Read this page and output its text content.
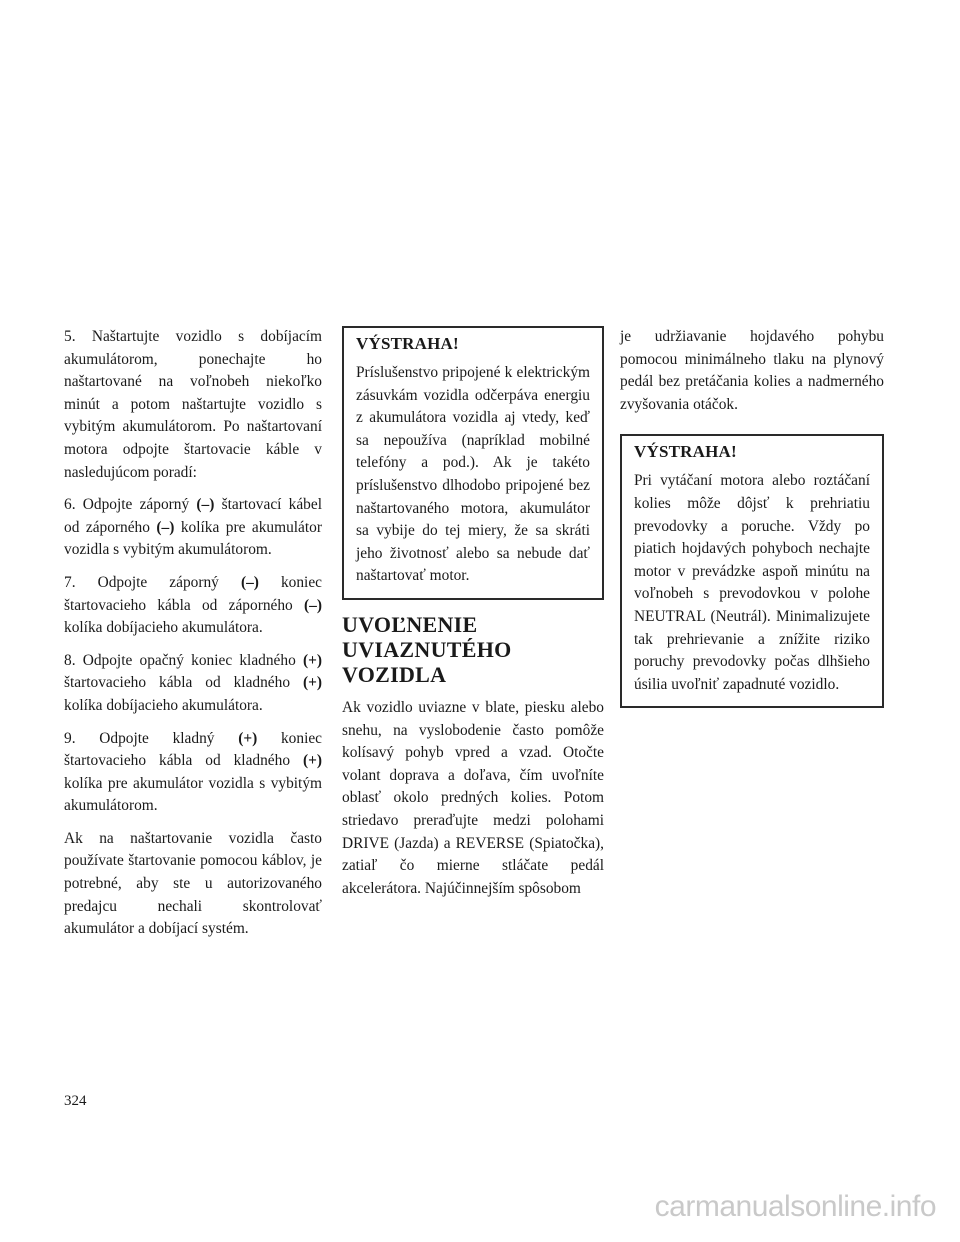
5. Naštartujte vozidlo s dobíjacím akumulátorom, ponechajte ho naštartované na voľnobeh niekoľko minút a potom naštartujte vozidlo s vybitým akumulátorom. Po naštartovaní motora odpojte štartovacie káble v nasledujúcom poradí:

6. Odpojte záporný (–) štartovací kábel od záporného (–) kolíka pre akumulátor vozidla s vybitým akumulátorom.

7. Odpojte záporný (–) koniec štartovacieho kábla od záporného (–) kolíka dobíjacieho akumulátora.

8. Odpojte opačný koniec kladného (+) štartovacieho kábla od kladného (+) kolíka dobíjacieho akumulátora.

9. Odpojte kladný (+) koniec štartovacieho kábla od kladného (+) kolíka pre akumulátor vozidla s vybitým akumulátorom.

Ak na naštartovanie vozidla často používate štartovanie pomocou káblov, je potrebné, aby ste u autorizovaného predajcu nechali skontrolovať akumulátor a dobíjací systém.

VÝSTRAHA!

Príslušenstvo pripojené k elektrickým zásuvkám vozidla odčerpáva energiu z akumulátora vozidla aj vtedy, keď sa nepoužíva (napríklad mobilné telefóny a pod.). Ak je takéto príslušenstvo dlhodobo pripojené bez naštartovaného motora, akumulátor sa vybije do tej miery, že sa skráti jeho životnosť alebo sa nebude dať naštartovať motor.

UVOĽNENIE UVIAZNUTÉHO VOZIDLA

Ak vozidlo uviazne v blate, piesku alebo snehu, na vyslobodenie často pomôže kolísavý pohyb vpred a vzad. Otočte volant doprava a doľava, čím uvoľníte oblasť okolo predných kolies. Potom striedavo preraďujte medzi polohami DRIVE (Jazda) a REVERSE (Spiatočka), zatiaľ čo mierne stláčate pedál akcelerátora. Najúčinnejším spôsobom

je udržiavanie hojdavého pohybu pomocou minimálneho tlaku na plynový pedál bez pretáčania kolies a nadmerného zvyšovania otáčok.

VÝSTRAHA!

Pri vytáčaní motora alebo roztáčaní kolies môže dôjsť k prehriatiu prevodovky a poruche. Vždy po piatich hojdavých pohyboch nechajte motor v prevádzke aspoň minútu na voľnobeh s prevodovkou v polohe NEUTRAL (Neutrál). Minimalizujete tak prehrievanie a znížite riziko poruchy prevodovky počas dlhšieho úsilia uvoľniť zapadnuté vozidlo.

324
carmanualsonline.info
